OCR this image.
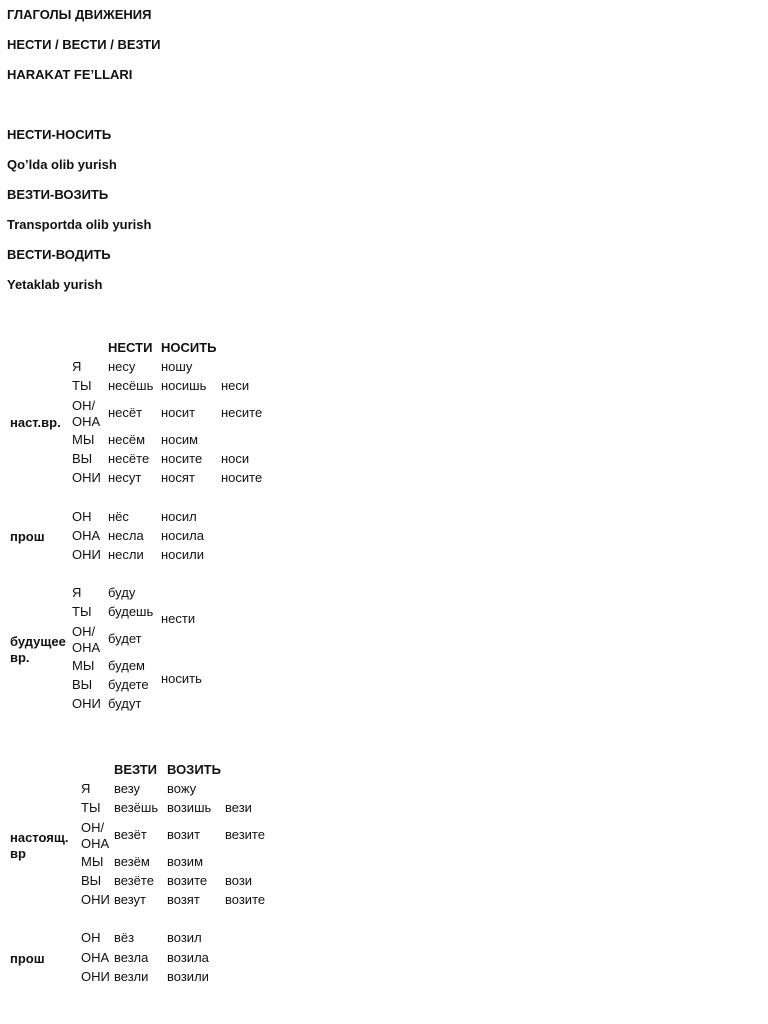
ГЛАГОЛЫ ДВИЖЕНИЯ
НЕСТИ / ВЕСТИ / ВЕЗТИ
HARAKAT FE’LLARI
НЕСТИ-НОСИТЬ
Qo’lda olib yurish
ВЕЗТИ-ВОЗИТЬ
Transportda olib yurish
ВЕСТИ-ВОДИТЬ
Yetaklab yurish
НЕСТИ НОСИТЬ
Я несу ношу
ТЫ несёшь носишь неси
ОН/ ОНА
несёт носит несите
МЫ несём носим
ВЫ несёте носите носи
ОНИ несут носят носите
наст.вр.
ОН нёс носил
ОНА несла носила
ОНИ несли носили
прош
Я буду
ТЫ будешь
ОН/ ОНА
будет
МЫ будем
ВЫ будете
ОНИ будут
нести
носить
будущее вр.
ВЕЗТИ ВОЗИТЬ
Я везу вожу
ТЫ везёшь возишь вези
ОН/ ОНА
везёт возит везите
МЫ везём возим
ВЫ везёте возите вози
ОНИ везут возят возите
настоящ. вр
ОН вёз	возил
ОНА везла возила
ОНИ везли возили
прош
